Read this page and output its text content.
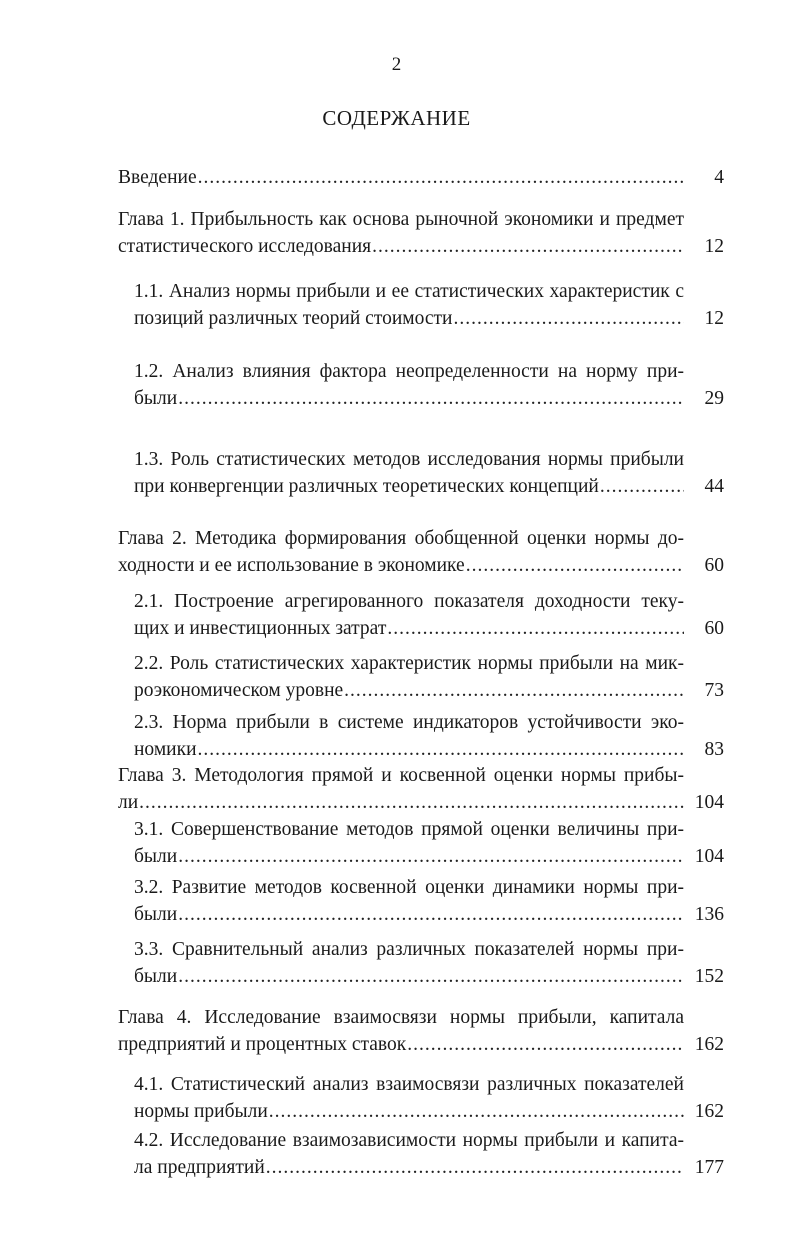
2
СОДЕРЖАНИЕ
Введение .....	4
Глава 1. Прибыльность как основа рыночной экономики и предмет
статистического исследования .....	12
1.1. Анализ нормы прибыли и ее статистических характеристик с
позиций различных теорий стоимости .....	12
1.2. Анализ влияния фактора неопределенности на норму при-
были .....	29
1.3. Роль статистических методов исследования нормы прибыли
при конвергенции различных теоретических концепций .....	44
Глава 2. Методика формирования обобщенной оценки нормы до-
ходности и ее использование в экономике .....	60
2.1. Построение агрегированного показателя доходности теку-
щих и инвестиционных затрат .....	60
2.2. Роль статистических характеристик нормы прибыли на мик-
роэкономическом уровне .....	73
2.3. Норма прибыли в системе индикаторов устойчивости эко-
номики .....	83
Глава 3. Методология прямой и косвенной оценки нормы прибы-
ли .....	104
3.1. Совершенствование методов прямой оценки величины при-
были .....	104
3.2. Развитие методов косвенной оценки динамики нормы при-
были .....	136
3.3. Сравнительный анализ различных показателей нормы при-
были .....	152
Глава 4. Исследование взаимосвязи нормы прибыли, капитала
предприятий и процентных ставок .....	162
4.1. Статистический анализ взаимосвязи различных показателей
нормы прибыли .....	162
4.2. Исследование взаимозависимости нормы прибыли и капита-
ла предприятий .....	177
